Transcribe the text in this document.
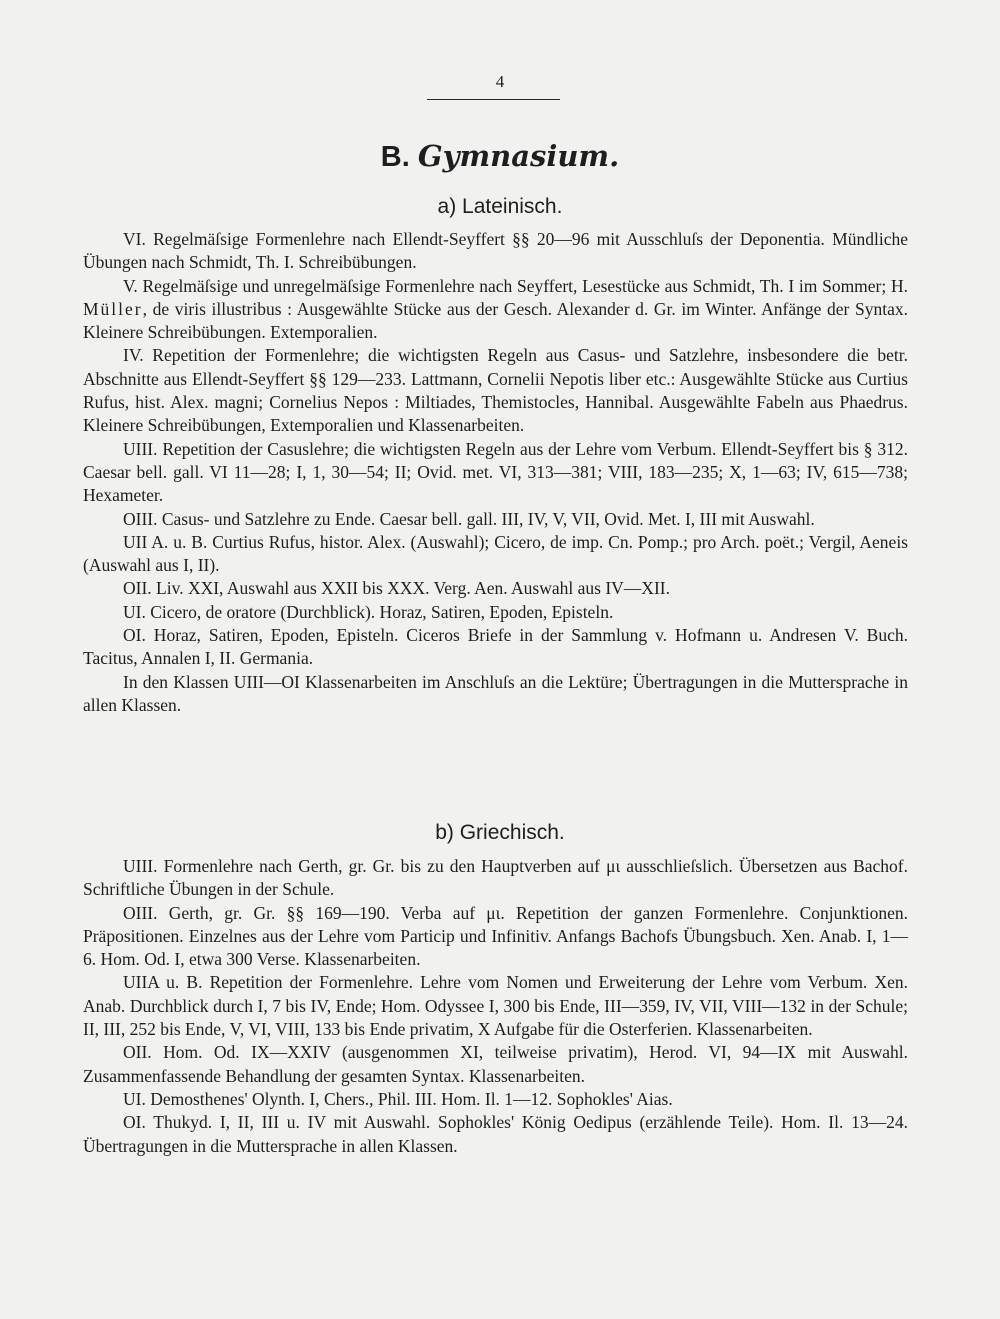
4
B. Gymnasium.
a) Lateinisch.

VI. Regelmäſsige Formenlehre nach Ellendt-Seyffert §§ 20—96 mit Ausschluſs der Deponentia. Mündliche Übungen nach Schmidt, Th. I. Schreibübungen.

V. Regelmäſsige und unregelmäſsige Formenlehre nach Seyffert, Lesestücke aus Schmidt, Th. I im Sommer; H. Müller, de viris illustribus : Ausgewählte Stücke aus der Gesch. Alexander d. Gr. im Winter. Anfänge der Syntax. Kleinere Schreibübungen. Extemporalien.

IV. Repetition der Formenlehre; die wichtigsten Regeln aus Casus- und Satzlehre, insbesondere die betr. Abschnitte aus Ellendt-Seyffert §§ 129—233. Lattmann, Cornelii Nepotis liber etc.: Ausgewählte Stücke aus Curtius Rufus, hist. Alex. magni; Cornelius Nepos : Miltiades, Themistocles, Hannibal. Ausgewählte Fabeln aus Phaedrus. Kleinere Schreibübungen, Extemporalien und Klassenarbeiten.

UIII. Repetition der Casuslehre; die wichtigsten Regeln aus der Lehre vom Verbum. Ellendt-Seyffert bis § 312. Caesar bell. gall. VI 11—28; I, 1, 30—54; II; Ovid. met. VI, 313—381; VIII, 183—235; X, 1—63; IV, 615—738; Hexameter.

OIII. Casus- und Satzlehre zu Ende. Caesar bell. gall. III, IV, V, VII, Ovid. Met. I, III mit Auswahl.

UII A. u. B. Curtius Rufus, histor. Alex. (Auswahl); Cicero, de imp. Cn. Pomp.; pro Arch. poët.; Vergil, Aeneis (Auswahl aus I, II).

OII. Liv. XXI, Auswahl aus XXII bis XXX. Verg. Aen. Auswahl aus IV—XII.

UI. Cicero, de oratore (Durchblick). Horaz, Satiren, Epoden, Episteln.

OI. Horaz, Satiren, Epoden, Episteln. Ciceros Briefe in der Sammlung v. Hofmann u. Andresen V. Buch. Tacitus, Annalen I, II. Germania.

In den Klassen UIII—OI Klassenarbeiten im Anschluſs an die Lektüre; Übertragungen in die Muttersprache in allen Klassen.

b) Griechisch.

UIII. Formenlehre nach Gerth, gr. Gr. bis zu den Hauptverben auf μι ausschlieſslich. Übersetzen aus Bachof. Schriftliche Übungen in der Schule.

OIII. Gerth, gr. Gr. §§ 169—190. Verba auf μι. Repetition der ganzen Formenlehre. Conjunktionen. Präpositionen. Einzelnes aus der Lehre vom Particip und Infinitiv. Anfangs Bachofs Übungsbuch. Xen. Anab. I, 1—6. Hom. Od. I, etwa 300 Verse. Klassenarbeiten.

UIIA u. B. Repetition der Formenlehre. Lehre vom Nomen und Erweiterung der Lehre vom Verbum. Xen. Anab. Durchblick durch I, 7 bis IV, Ende; Hom. Odyssee I, 300 bis Ende, III—359, IV, VII, VIII—132 in der Schule; II, III, 252 bis Ende, V, VI, VIII, 133 bis Ende privatim, X Aufgabe für die Osterferien. Klassenarbeiten.

OII. Hom. Od. IX—XXIV (ausgenommen XI, teilweise privatim), Herod. VI, 94—IX mit Auswahl. Zusammenfassende Behandlung der gesamten Syntax. Klassenarbeiten.

UI. Demosthenes' Olynth. I, Chers., Phil. III. Hom. Il. 1—12. Sophokles' Aias.

OI. Thukyd. I, II, III u. IV mit Auswahl. Sophokles' König Oedipus (erzählende Teile). Hom. Il. 13—24. Übertragungen in die Muttersprache in allen Klassen.
